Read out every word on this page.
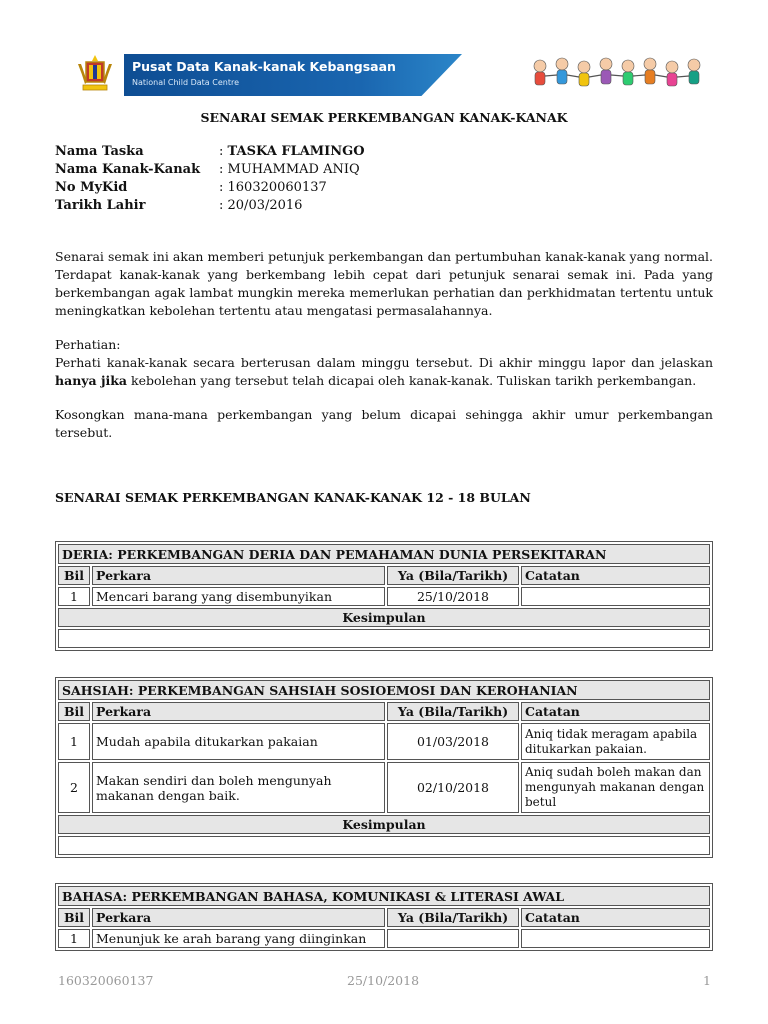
Pusat Data Kanak-kanak Kebangsaan
National Child Data Centre
SENARAI SEMAK PERKEMBANGAN KANAK-KANAK
Nama Taska	: TASKA FLAMINGO
Nama Kanak-Kanak	: MUHAMMAD ANIQ
No MyKid	: 160320060137
Tarikh Lahir	: 20/03/2016
Senarai semak ini akan memberi petunjuk perkembangan dan pertumbuhan kanak-kanak yang normal. Terdapat kanak-kanak yang berkembang lebih cepat dari petunjuk senarai semak ini. Pada yang berkembangan agak lambat mungkin mereka memerlukan perhatian dan perkhidmatan tertentu untuk meningkatkan kebolehan tertentu atau mengatasi permasalahannya.
Perhatian:
Perhati kanak-kanak secara berterusan dalam minggu tersebut. Di akhir minggu lapor dan jelaskan hanya jika kebolehan yang tersebut telah dicapai oleh kanak-kanak. Tuliskan tarikh perkembangan.
Kosongkan mana-mana perkembangan yang belum dicapai sehingga akhir umur perkembangan tersebut.
SENARAI SEMAK PERKEMBANGAN KANAK-KANAK 12 - 18 BULAN
DERIA: PERKEMBANGAN DERIA DAN PEMAHAMAN DUNIA PERSEKITARAN			
Bil	Perkara	Ya (Bila/Tarikh)	Catatan
1	Mencari barang yang disembunyikan	25/10/2018	
Kesimpulan			

SAHSIAH: PERKEMBANGAN SAHSIAH SOSIOEMOSI DAN KEROHANIAN			
Bil	Perkara	Ya (Bila/Tarikh)	Catatan
1	Mudah apabila ditukarkan pakaian	01/03/2018	Aniq tidak meragam apabila ditukarkan pakaian.
2	Makan sendiri dan boleh mengunyah makanan dengan baik.	02/10/2018	Aniq sudah boleh makan dan mengunyah makanan dengan betul
Kesimpulan			

BAHASA: PERKEMBANGAN BAHASA, KOMUNIKASI & LITERASI AWAL			
Bil	Perkara	Ya (Bila/Tarikh)	Catatan
1	Menunjuk ke arah barang yang diinginkan		
160320060137	25/10/2018	1
